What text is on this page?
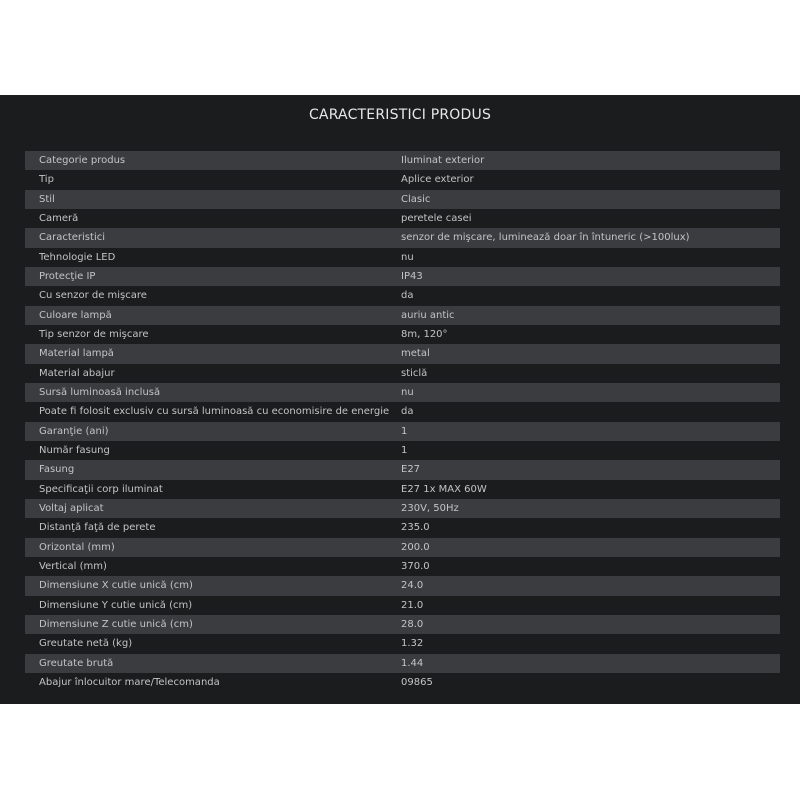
CARACTERISTICI PRODUS
Categorie produs	Iluminat exterior
Tip	Aplice exterior
Stil	Clasic
Cameră	peretele casei
Caracteristici	senzor de mişcare, luminează doar în întuneric (>100lux)
Tehnologie LED	nu
Protecţie IP	IP43
Cu senzor de mişcare	da
Culoare lampă	auriu antic
Tip senzor de mişcare	8m, 120°
Material lampă	metal
Material abajur	sticlă
Sursă luminoasă inclusă	nu
Poate fi folosit exclusiv cu sursă luminoasă cu economisire de energie	da
Garanţie (ani)	1
Număr fasung	1
Fasung	E27
Specificaţii corp iluminat	E27 1x MAX 60W
Voltaj aplicat	230V, 50Hz
Distanţă faţă de perete	235.0
Orizontal (mm)	200.0
Vertical (mm)	370.0
Dimensiune X cutie unică (cm)	24.0
Dimensiune Y cutie unică (cm)	21.0
Dimensiune Z cutie unică (cm)	28.0
Greutate netă (kg)	1.32
Greutate brută	1.44
Abajur înlocuitor mare/Telecomanda	09865
